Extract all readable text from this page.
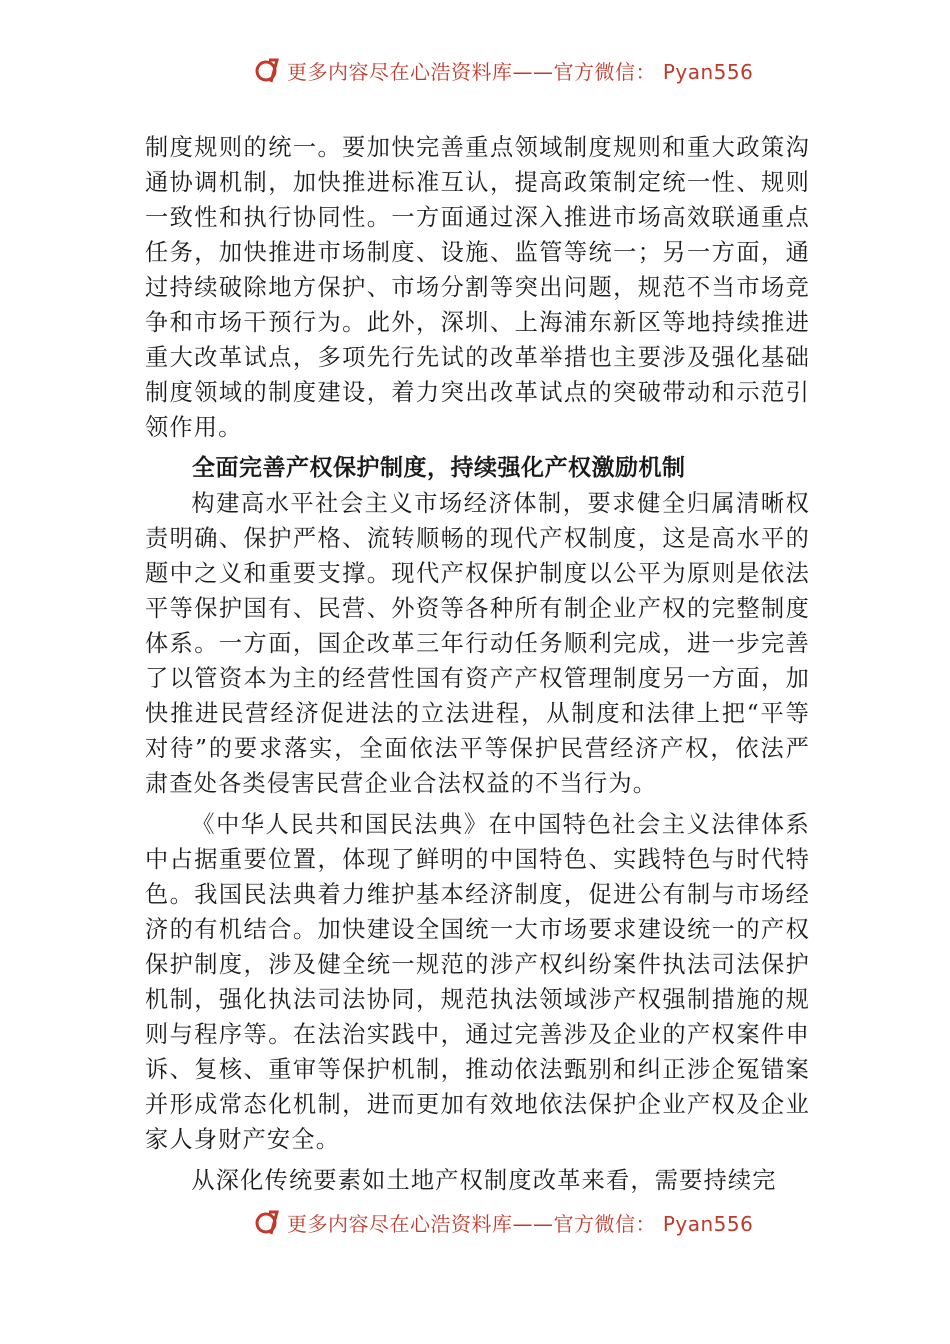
更多内容尽在心浩资料库——官方微信： Pyan556

制度规则的统一。要加快完善重点领域制度规则和重大政策沟通协调机制，加快推进标准互认，提高政策制定统一性、规则一致性和执行协同性。一方面通过深入推进市场高效联通重点任务，加快推进市场制度、设施、监管等统一；另一方面，通过持续破除地方保护、市场分割等突出问题，规范不当市场竞争和市场干预行为。此外，深圳、上海浦东新区等地持续推进重大改革试点，多项先行先试的改革举措也主要涉及强化基础制度领域的制度建设，着力突出改革试点的突破带动和示范引领作用。

全面完善产权保护制度，持续强化产权激励机制

构建高水平社会主义市场经济体制，要求健全归属清晰权责明确、保护严格、流转顺畅的现代产权制度，这是高水平的题中之义和重要支撑。现代产权保护制度以公平为原则是依法平等保护国有、民营、外资等各种所有制企业产权的完整制度体系。一方面，国企改革三年行动任务顺利完成，进一步完善了以管资本为主的经营性国有资产产权管理制度另一方面，加快推进民营经济促进法的立法进程，从制度和法律上把“平等对待”的要求落实，全面依法平等保护民营经济产权，依法严肃查处各类侵害民营企业合法权益的不当行为。

《中华人民共和国民法典》在中国特色社会主义法律体系中占据重要位置，体现了鲜明的中国特色、实践特色与时代特色。我国民法典着力维护基本经济制度，促进公有制与市场经济的有机结合。加快建设全国统一大市场要求建设统一的产权保护制度，涉及健全统一规范的涉产权纠纷案件执法司法保护机制，强化执法司法协同，规范执法领域涉产权强制措施的规则与程序等。在法治实践中，通过完善涉及企业的产权案件申诉、复核、重审等保护机制，推动依法甄别和纠正涉企冤错案并形成常态化机制，进而更加有效地依法保护企业产权及企业家人身财产安全。

从深化传统要素如土地产权制度改革来看，需要持续完

更多内容尽在心浩资料库——官方微信： Pyan556
